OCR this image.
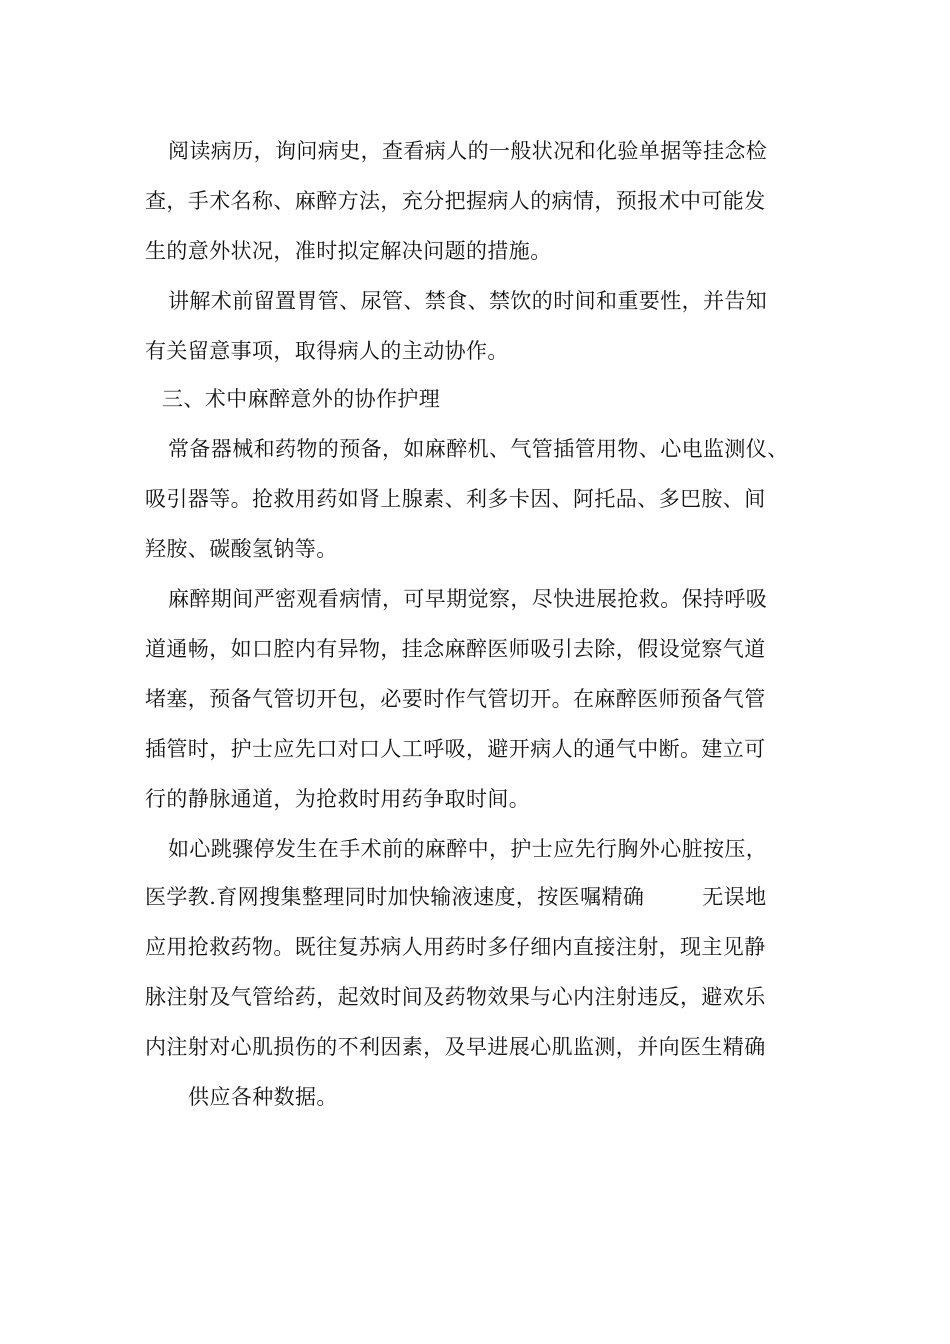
阅读病历，询问病史，查看病人的一般状况和化验单据等挂念检
查，手术名称、麻醉方法，充分把握病人的病情，预报术中可能发
生的意外状况，准时拟定解决问题的措施。
讲解术前留置胃管、尿管、禁食、禁饮的时间和重要性，并告知
有关留意事项，取得病人的主动协作。
三、术中麻醉意外的协作护理
常备器械和药物的预备，如麻醉机、气管插管用物、心电监测仪、
吸引器等。抢救用药如肾上腺素、利多卡因、阿托品、多巴胺、间
羟胺、碳酸氢钠等。
麻醉期间严密观看病情，可早期觉察，尽快进展抢救。保持呼吸
道通畅，如口腔内有异物，挂念麻醉医师吸引去除，假设觉察气道
堵塞，预备气管切开包，必要时作气管切开。在麻醉医师预备气管
插管时，护士应先口对口人工呼吸，避开病人的通气中断。建立可
行的静脉通道，为抢救时用药争取时间。
如心跳骤停发生在手术前的麻醉中，护士应先行胸外心脏按压，
医学教.育网搜集整理同时加快输液速度，按医嘱精确	无误地
应用抢救药物。既往复苏病人用药时多仔细内直接注射，现主见静
脉注射及气管给药，起效时间及药物效果与心内注射违反，避欢乐
内注射对心肌损伤的不利因素，及早进展心肌监测，并向医生精确
供应各种数据。
